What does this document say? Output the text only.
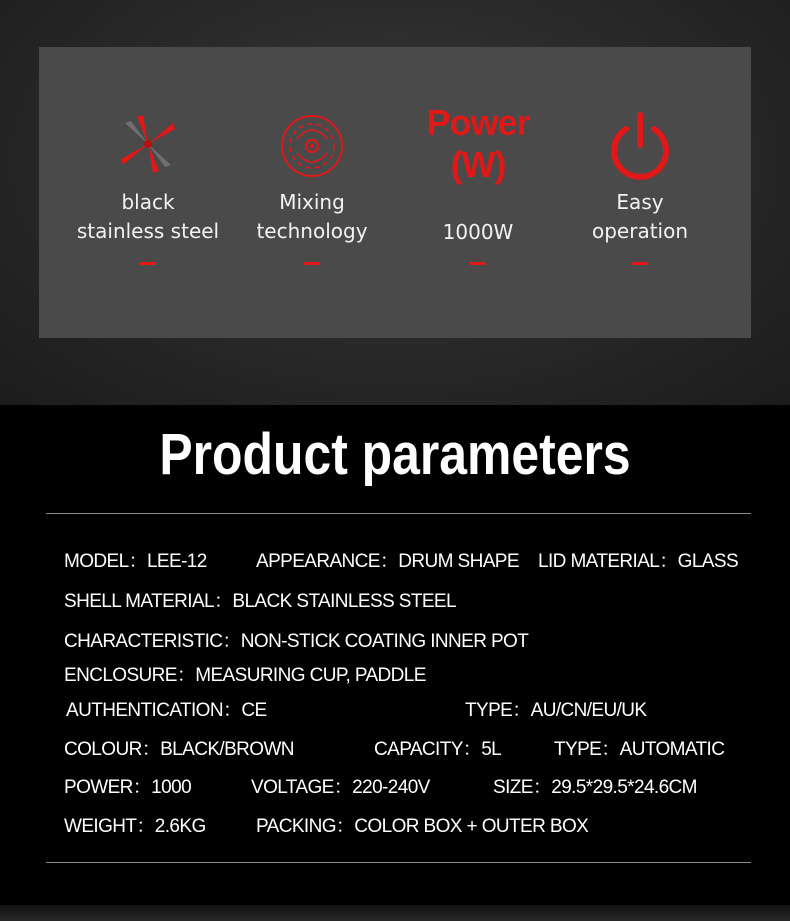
black
stainless steel
Mixing
technology
Power
(W)
1000W
Easy
operation
Product parameters
MODEL：LEE-12	APPEARANCE：DRUM SHAPE LID MATERIAL：GLASS
SHELL MATERIAL：BLACK STAINLESS STEEL
CHARACTERISTIC：NON-STICK COATING INNER POT
ENCLOSURE：MEASURING CUP, PADDLE
AUTHENTICATION：CE	TYPE：AU/CN/EU/UK
COLOUR：BLACK/BROWN	CAPACITY：5L	TYPE：AUTOMATIC
POWER：1000	VOLTAGE：220-240V	SIZE：29.5*29.5*24.6CM
WEIGHT：2.6KG	PACKING：COLOR BOX + OUTER BOX
